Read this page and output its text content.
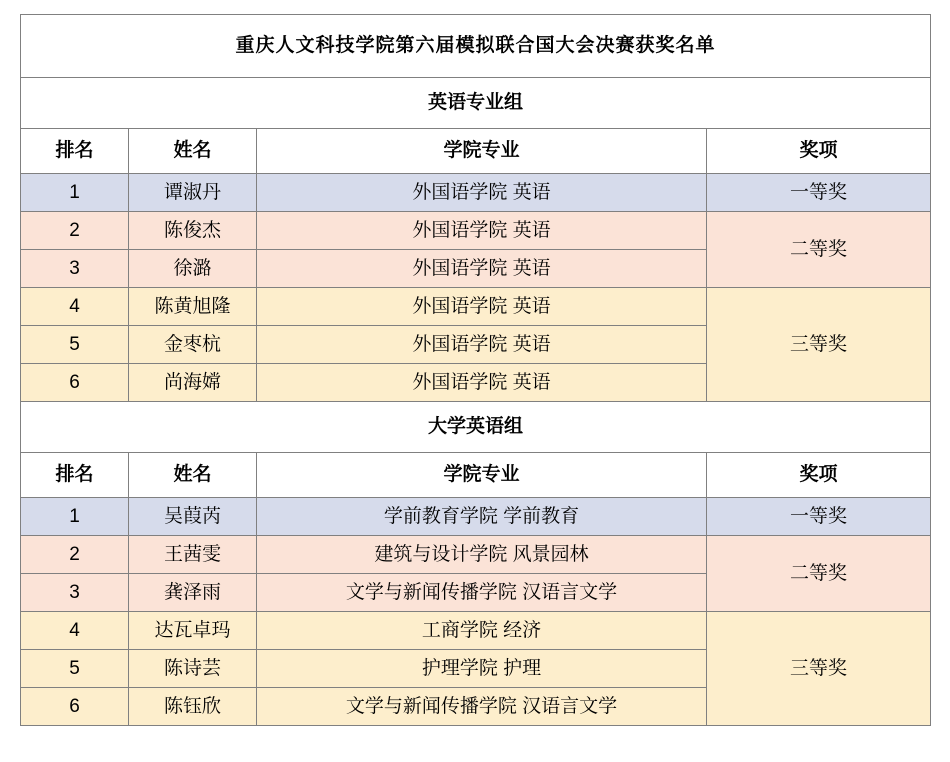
重庆人文科技学院第六届模拟联合国大会决赛获奖名单			
英语专业组			
排名	姓名	学院专业	奖项
1	谭淑丹	外国语学院 英语	一等奖
2	陈俊杰	外国语学院 英语	二等奖
3	徐潞	外国语学院 英语	
4	陈黄旭隆	外国语学院 英语	三等奖
5	金枣杭	外国语学院 英语	
6	尚海嫦	外国语学院 英语	
大学英语组			
排名	姓名	学院专业	奖项
1	吴葭芮	学前教育学院 学前教育	一等奖
2	王茜雯	建筑与设计学院 风景园林	二等奖
3	龚泽雨	文学与新闻传播学院 汉语言文学	
4	达瓦卓玛	工商学院 经济	三等奖
5	陈诗芸	护理学院 护理	
6	陈钰欣	文学与新闻传播学院 汉语言文学	
